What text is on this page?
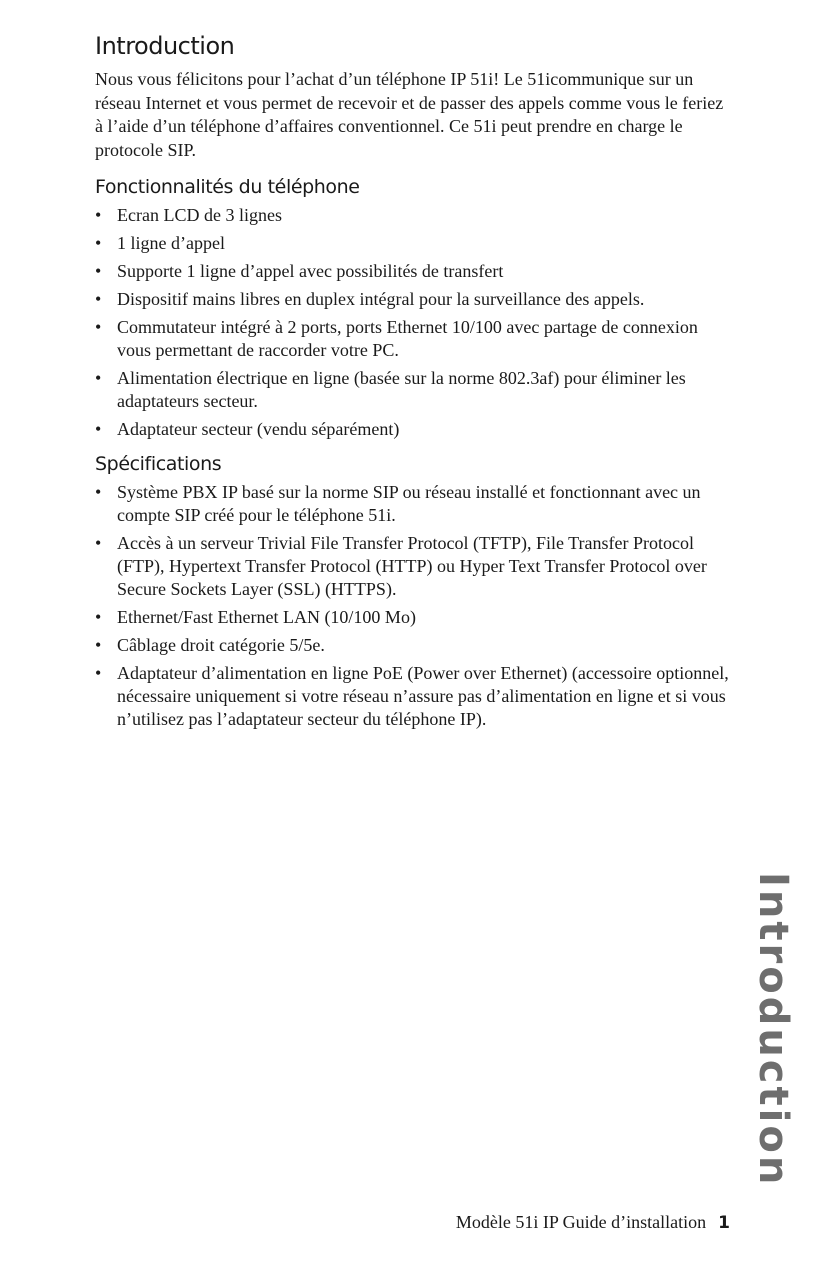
Introduction

Nous vous félicitons pour l’achat d’un téléphone IP 51i! Le 51icommunique sur un réseau Internet et vous permet de recevoir et de passer des appels comme vous le feriez à l’aide d’un téléphone d’affaires conventionnel. Ce 51i peut prendre en charge le protocole SIP.

Fonctionnalités du téléphone
• Ecran LCD de 3 lignes
• 1 ligne d’appel
• Supporte 1 ligne d’appel avec possibilités de transfert
• Dispositif mains libres en duplex intégral pour la surveillance des appels.
• Commutateur intégré à 2 ports, ports Ethernet 10/100 avec partage de connexion vous permettant de raccorder votre PC.
• Alimentation électrique en ligne (basée sur la norme 802.3af) pour éliminer les adaptateurs secteur.
• Adaptateur secteur (vendu séparément)
Spécifications
• Système PBX IP basé sur la norme SIP ou réseau installé et fonctionnant avec un compte SIP créé pour le téléphone 51i.
• Accès à un serveur Trivial File Transfer Protocol (TFTP), File Transfer Protocol (FTP), Hypertext Transfer Protocol (HTTP) ou Hyper Text Transfer Protocol over Secure Sockets Layer (SSL) (HTTPS).
• Ethernet/Fast Ethernet LAN (10/100 Mo)
• Câblage droit catégorie 5/5e.
• Adaptateur d’alimentation en ligne PoE (Power over Ethernet) (accessoire optionnel, nécessaire uniquement si votre réseau n’assure pas d’alimentation en ligne et si vous n’utilisez pas l’adaptateur secteur du téléphone IP).
Introduction
Modèle 51i IP Guide d’installation 1
